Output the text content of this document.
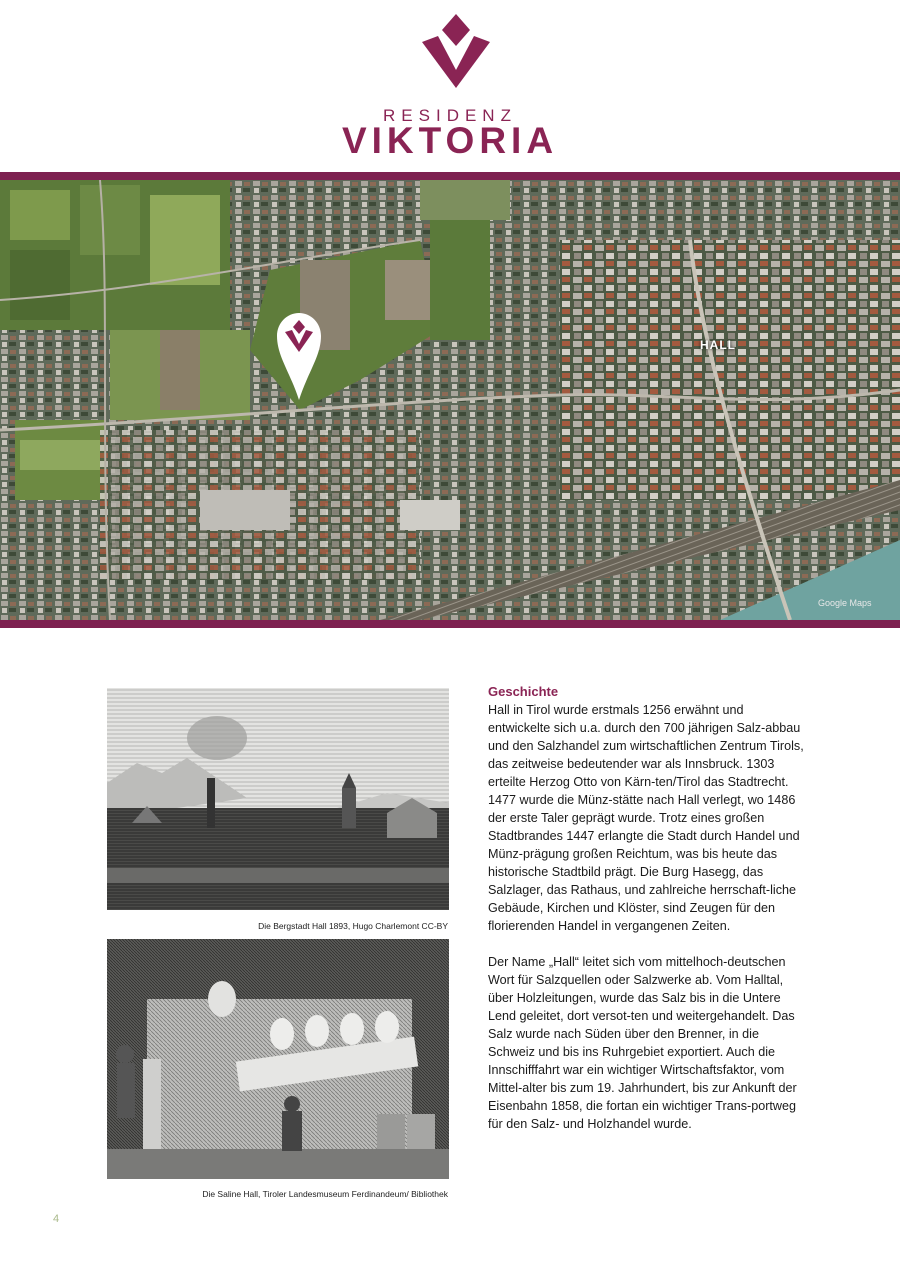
RESIDENZ
VIKTORIA
HALL
Google Maps
Die Bergstadt Hall 1893, Hugo Charlemont CC-BY
Die Saline Hall, Tiroler Landesmuseum Ferdinandeum/ Bibliothek
Geschichte

Hall in Tirol wurde erstmals 1256 erwähnt und entwickelte sich u.a. durch den 700 jährigen Salz-abbau und den Salzhandel zum wirtschaftlichen Zentrum Tirols, das zeitweise bedeutender war als Innsbruck. 1303 erteilte Herzog Otto von Kärn-ten/Tirol das Stadtrecht. 1477 wurde die Münz-stätte nach Hall verlegt, wo 1486 der erste Taler geprägt wurde. Trotz eines großen Stadtbrandes 1447 erlangte die Stadt durch Handel und Münz-prägung großen Reichtum, was bis heute das historische Stadtbild prägt. Die Burg Hasegg, das Salzlager, das Rathaus, und zahlreiche herrschaft-liche Gebäude, Kirchen und Klöster, sind Zeugen für den florierenden Handel in vergangenen Zeiten.

Der Name „Hall“ leitet sich vom mittelhoch-deutschen Wort für Salzquellen oder Salzwerke ab. Vom Halltal, über Holzleitungen, wurde das Salz bis in die Untere Lend geleitet, dort versot-ten und weitergehandelt. Das Salz wurde nach Süden über den Brenner, in die Schweiz und bis ins Ruhrgebiet exportiert. Auch die Innschifffahrt war ein wichtiger Wirtschaftsfaktor, vom Mittel-alter bis zum 19. Jahrhundert, bis zur Ankunft der Eisenbahn 1858, die fortan ein wichtiger Trans-portweg für den Salz- und Holzhandel wurde.

4
